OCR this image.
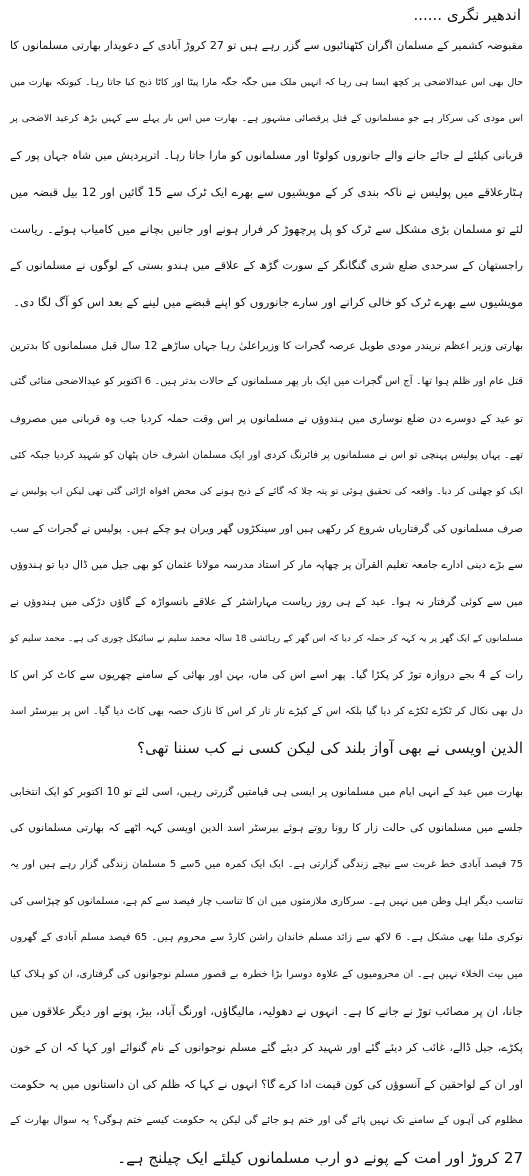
اندھیر نگری ......
مقبوضہ کشمیر کے مسلمان اگران کٹھنائیوں سے گزر رہے ہیں تو 27 کروڑ آبادی کے دعویدار بھارتی مسلمانوں کا
حال بھی اس عیدالاضحی پر کچھ ایسا ہی رہا کہ انہیں ملک میں جگہ جگہ مارا پیٹا اور کاٹا ذبح کیا جاتا رہا۔ کیونکہ بھارت میں
اس مودی کی سرکار ہے جو مسلمانوں کے قتل پرقصائی مشہور ہے۔ بھارت میں اس بار پہلے سے کہیں بڑھ کرعید الاضحی پر
قربانی کیلئے لے جائے جانے والے جانوروں کولوٹا اور مسلمانوں کو مارا جاتا رہا۔ اترپردیش میں شاہ جہاں پور کے
ہٹارعلاقے میں پولیس نے ناکہ بندی کر کے مویشیوں سے بھرے ایک ٹرک سے 15 گائیں اور 12 بیل قبضہ میں
لئے تو مسلمان بڑی مشکل سے ٹرک کو پل پرچھوڑ کر فرار ہونے اور جانیں بچانے میں کامیاب ہوئے۔ ریاست
راجستھان کے سرحدی ضلع شری گنگانگر کے سورت گڑھ کے علاقے میں ہندو بستی کے لوگوں نے مسلمانوں کے
مویشیوں سے بھرے ٹرک کو خالی کرانے اور سارے جانوروں کو اپنے قبضے میں لینے کے بعد اس کو آگ لگا دی۔
بھارتی وزیر اعظم نریندر مودی طویل عرصہ گجرات کا وزیراعلیٰ رہا جہاں ساڑھے 12 سال قبل مسلمانوں کا بدترین
قتل عام اور ظلم ہوا تھا۔ آج اس گجرات میں ایک بار پھر مسلمانوں کے حالات بدتر ہیں۔ 6 اکتوبر کو عیدالاضحی منائی گئی
تو عید کے دوسرے دن ضلع نوساری میں ہندوؤں نے مسلمانوں پر اس وقت حملہ کردیا جب وہ قربانی میں مصروف
تھے۔ یہاں پولیس پہنچی تو اس نے مسلمانوں پر فائرنگ کردی اور ایک مسلمان اشرف خان پٹھان کو شہید کردیا جبکہ کئی
ایک کو چھلنی کر دیا۔ واقعہ کی تحقیق ہوئی تو پتہ چلا کہ گائے کے ذبح ہونے کی محض افواہ اڑائی گئی تھی لیکن اب پولیس نے
صرف مسلمانوں کی گرفتاریاں شروع کر رکھی ہیں اور سینکڑوں گھر ویران ہو چکے ہیں۔ پولیس نے گجرات کے سب
سے بڑے دینی ادارے جامعہ تعلیم القرآن پر چھاپہ مار کر استاد مدرسہ مولانا عثمان کو بھی جیل میں ڈال دیا تو ہندوؤں
میں سے کوئی گرفتار نہ ہوا۔ عید کے ہی روز ریاست مہاراشٹر کے علاقے بانسواڑہ کے گاؤں دڑکی میں ہندوؤں نے
مسلمانوں کے ایک گھر پر یہ کہہ کر حملہ کر دیا کہ اس گھر کے رہائشی 18 سالہ محمد سلیم نے سائیکل چوری کی ہے۔ محمد سلیم کو
رات کے 4 بجے دروازہ توڑ کر پکڑا گیا۔ پھر اسے اس کی ماں، بہن اور بھائی کے سامنے چھریوں سے کاٹ کر اس کا
دل بھی نکال کر ٹکڑے ٹکڑے کر دیا گیا بلکہ اس کے کپڑے تار تار کر اس کا نازک حصہ بھی کاٹ دیا گیا۔ اس پر بیرسٹر اسد
الدین اویسی نے بھی آواز بلند کی لیکن کسی نے کب سننا تھی؟
بھارت میں عید کے انہی ایام میں مسلمانوں پر ایسی ہی قیامتیں گزرتی رہیں، اسی لئے تو 10 اکتوبر کو ایک انتخابی
جلسے میں مسلمانوں کی حالت زار کا رونا روتے ہوئے بیرسٹر اسد الدین اویسی کہہ اٹھے کہ بھارتی مسلمانوں کی
75 فیصد آبادی خط غربت سے نیچے زندگی گزارتی ہے۔ ایک ایک کمرہ میں 5سے 5 مسلمان زندگی گزار رہے ہیں اور یہ
تناسب دیگر اہل وطن میں نہیں ہے۔ سرکاری ملازمتوں میں ان کا تناسب چار فیصد سے کم ہے، مسلمانوں کو چپڑاسی کی
نوکری ملنا بھی مشکل ہے۔ 6 لاکھ سے زائد مسلم خاندان راشن کارڈ سے محروم ہیں۔ 65 فیصد مسلم آبادی کے گھروں
میں بیت الخلاء نہیں ہے۔ ان محرومیوں کے علاوہ دوسرا بڑا خطرہ بے قصور مسلم نوجوانوں کی گرفتاری، ان کو ہلاک کیا
جانا، ان پر مصائب توڑ نے جانے کا ہے۔ انہوں نے دھولیہ، مالیگاؤں، اورنگ آباد، بیڑ، پونے اور دیگر علاقوں میں
پکڑے، جیل ڈالے، غائب کر دیئے گئے اور شہید کر دیئے گئے مسلم نوجوانوں کے نام گنوائے اور کہا کہ ان کے خون
اور ان کے لواحقین کے آنسوؤں کی کون قیمت ادا کرے گا؟ انہوں نے کہا کہ ظلم کی ان داستانوں میں یہ حکومت
مظلوم کی آہوں کے سامنے تک نہیں پائے گی اور ختم ہو جائے گی لیکن یہ حکومت کیسے ختم ہوگی؟ یہ سوال بھارت کے
27 کروڑ اور امت کے پونے دو ارب مسلمانوں کیلئے ایک چیلنج ہے۔
